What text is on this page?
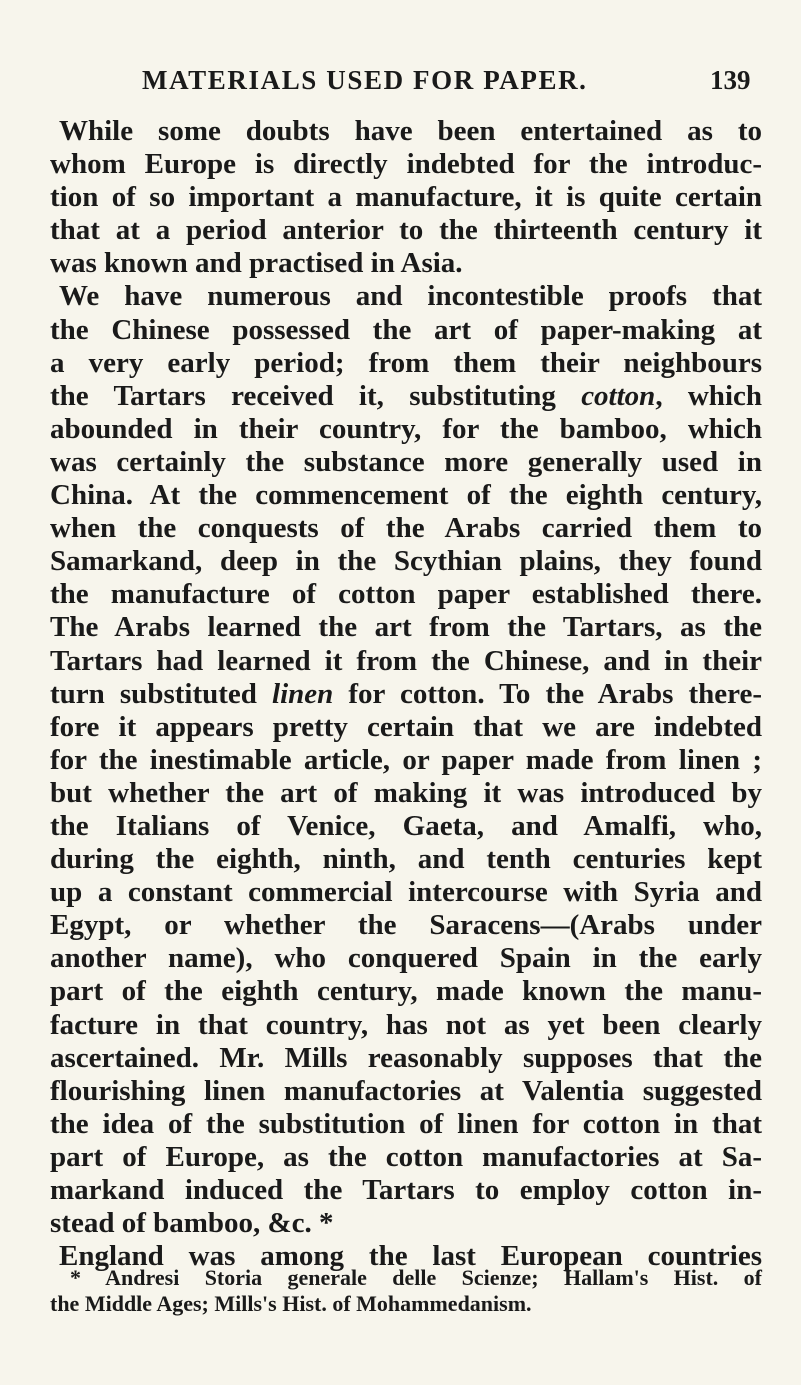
MATERIALS USED FOR PAPER.	139
While some doubts have been entertained as to
whom Europe is directly indebted for the introduc-
tion of so important a manufacture, it is quite certain
that at a period anterior to the thirteenth century it
was known and practised in Asia.
We have numerous and incontestible proofs that
the Chinese possessed the art of paper-making at
a very early period; from them their neighbours
the Tartars received it, substituting cotton, which
abounded in their country, for the bamboo, which
was certainly the substance more generally used in
China. At the commencement of the eighth century,
when the conquests of the Arabs carried them to
Samarkand, deep in the Scythian plains, they found
the manufacture of cotton paper established there.
The Arabs learned the art from the Tartars, as the
Tartars had learned it from the Chinese, and in their
turn substituted linen for cotton. To the Arabs there-
fore it appears pretty certain that we are indebted
for the inestimable article, or paper made from linen ;
but whether the art of making it was introduced by
the Italians of Venice, Gaeta, and Amalfi, who,
during the eighth, ninth, and tenth centuries kept
up a constant commercial intercourse with Syria and
Egypt, or whether the Saracens—(Arabs under
another name), who conquered Spain in the early
part of the eighth century, made known the manu-
facture in that country, has not as yet been clearly
ascertained. Mr. Mills reasonably supposes that the
flourishing linen manufactories at Valentia suggested
the idea of the substitution of linen for cotton in that
part of Europe, as the cotton manufactories at Sa-
markand induced the Tartars to employ cotton in-
stead of bamboo, &c. *
England was among the last European countries
* Andresi Storia generale delle Scienze; Hallam's Hist. of
the Middle Ages; Mills's Hist. of Mohammedanism.
